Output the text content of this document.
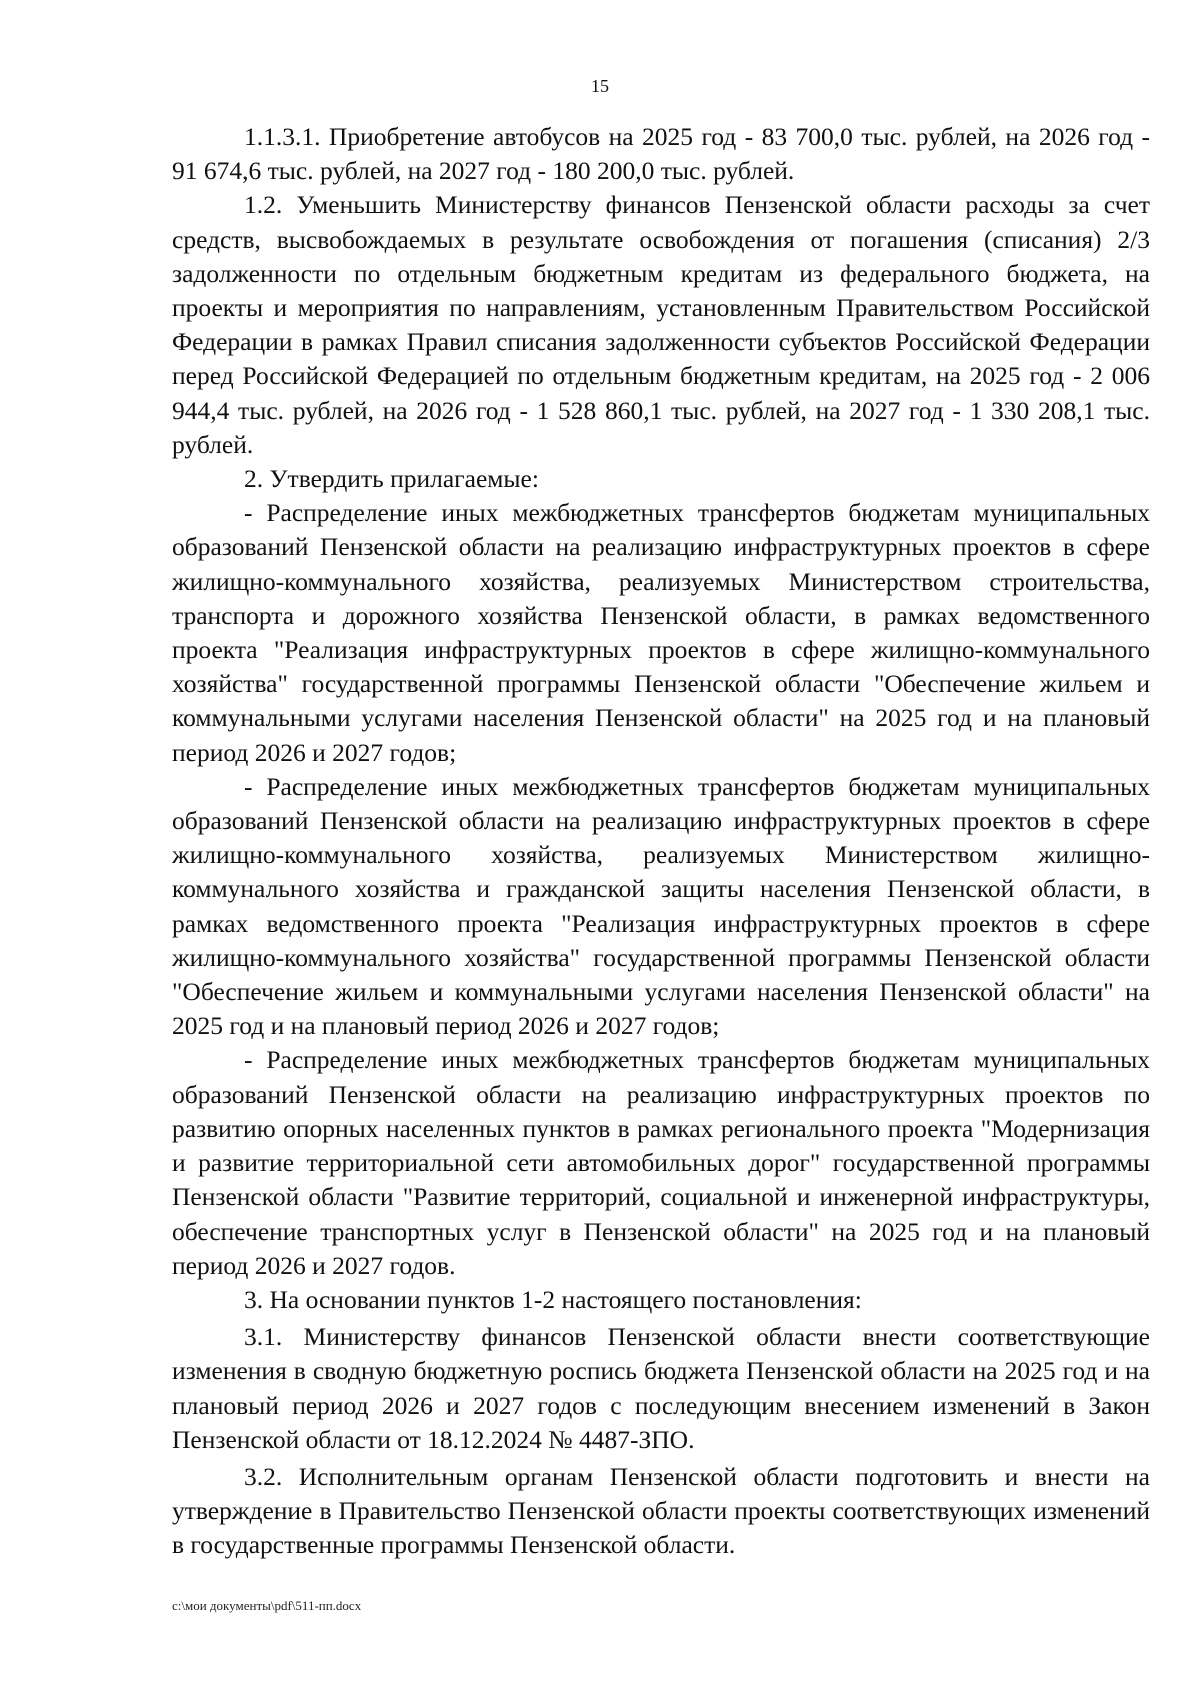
15

1.1.3.1. Приобретение автобусов на 2025 год - 83 700,0 тыс. рублей, на 2026 год - 91 674,6 тыс. рублей, на 2027 год - 180 200,0 тыс. рублей.

1.2. Уменьшить Министерству финансов Пензенской области расходы за счет средств, высвобождаемых в результате освобождения от погашения (списания) 2/3 задолженности по отдельным бюджетным кредитам из федерального бюджета, на проекты и мероприятия по направлениям, установленным Правительством Российской Федерации в рамках Правил списания задолженности субъектов Российской Федерации перед Российской Федерацией по отдельным бюджетным кредитам, на 2025 год - 2 006 944,4 тыс. рублей, на 2026 год - 1 528 860,1 тыс. рублей, на 2027 год - 1 330 208,1 тыс. рублей.

2. Утвердить прилагаемые:

- Распределение иных межбюджетных трансфертов бюджетам муниципальных образований Пензенской области на реализацию инфраструктурных проектов в сфере жилищно-коммунального хозяйства, реализуемых Министерством строительства, транспорта и дорожного хозяйства Пензенской области, в рамках ведомственного проекта "Реализация инфраструктурных проектов в сфере жилищно-коммунального хозяйства" государственной программы Пензенской области "Обеспечение жильем и коммунальными услугами населения Пензенской области" на 2025 год и на плановый период 2026 и 2027 годов;

- Распределение иных межбюджетных трансфертов бюджетам муниципальных образований Пензенской области на реализацию инфраструктурных проектов в сфере жилищно-коммунального хозяйства, реализуемых Министерством жилищно-коммунального хозяйства и гражданской защиты населения Пензенской области, в рамках ведомственного проекта "Реализация инфраструктурных проектов в сфере жилищно-коммунального хозяйства" государственной программы Пензенской области "Обеспечение жильем и коммунальными услугами населения Пензенской области" на 2025 год и на плановый период 2026 и 2027 годов;

- Распределение иных межбюджетных трансфертов бюджетам муниципальных образований Пензенской области на реализацию инфраструктурных проектов по развитию опорных населенных пунктов в рамках регионального проекта "Модернизация и развитие территориальной сети автомобильных дорог" государственной программы Пензенской области "Развитие территорий, социальной и инженерной инфраструктуры, обеспечение транспортных услуг в Пензенской области" на 2025 год и на плановый период 2026 и 2027 годов.

3. На основании пунктов 1-2 настоящего постановления:

3.1. Министерству финансов Пензенской области внести соответствующие изменения в сводную бюджетную роспись бюджета Пензенской области на 2025 год и на плановый период 2026 и 2027 годов с последующим внесением изменений в Закон Пензенской области от 18.12.2024 № 4487-ЗПО.

3.2. Исполнительным органам Пензенской области подготовить и внести на утверждение в Правительство Пензенской области проекты соответствующих изменений в государственные программы Пензенской области.

c:\мои документы\pdf\511-пп.docx
